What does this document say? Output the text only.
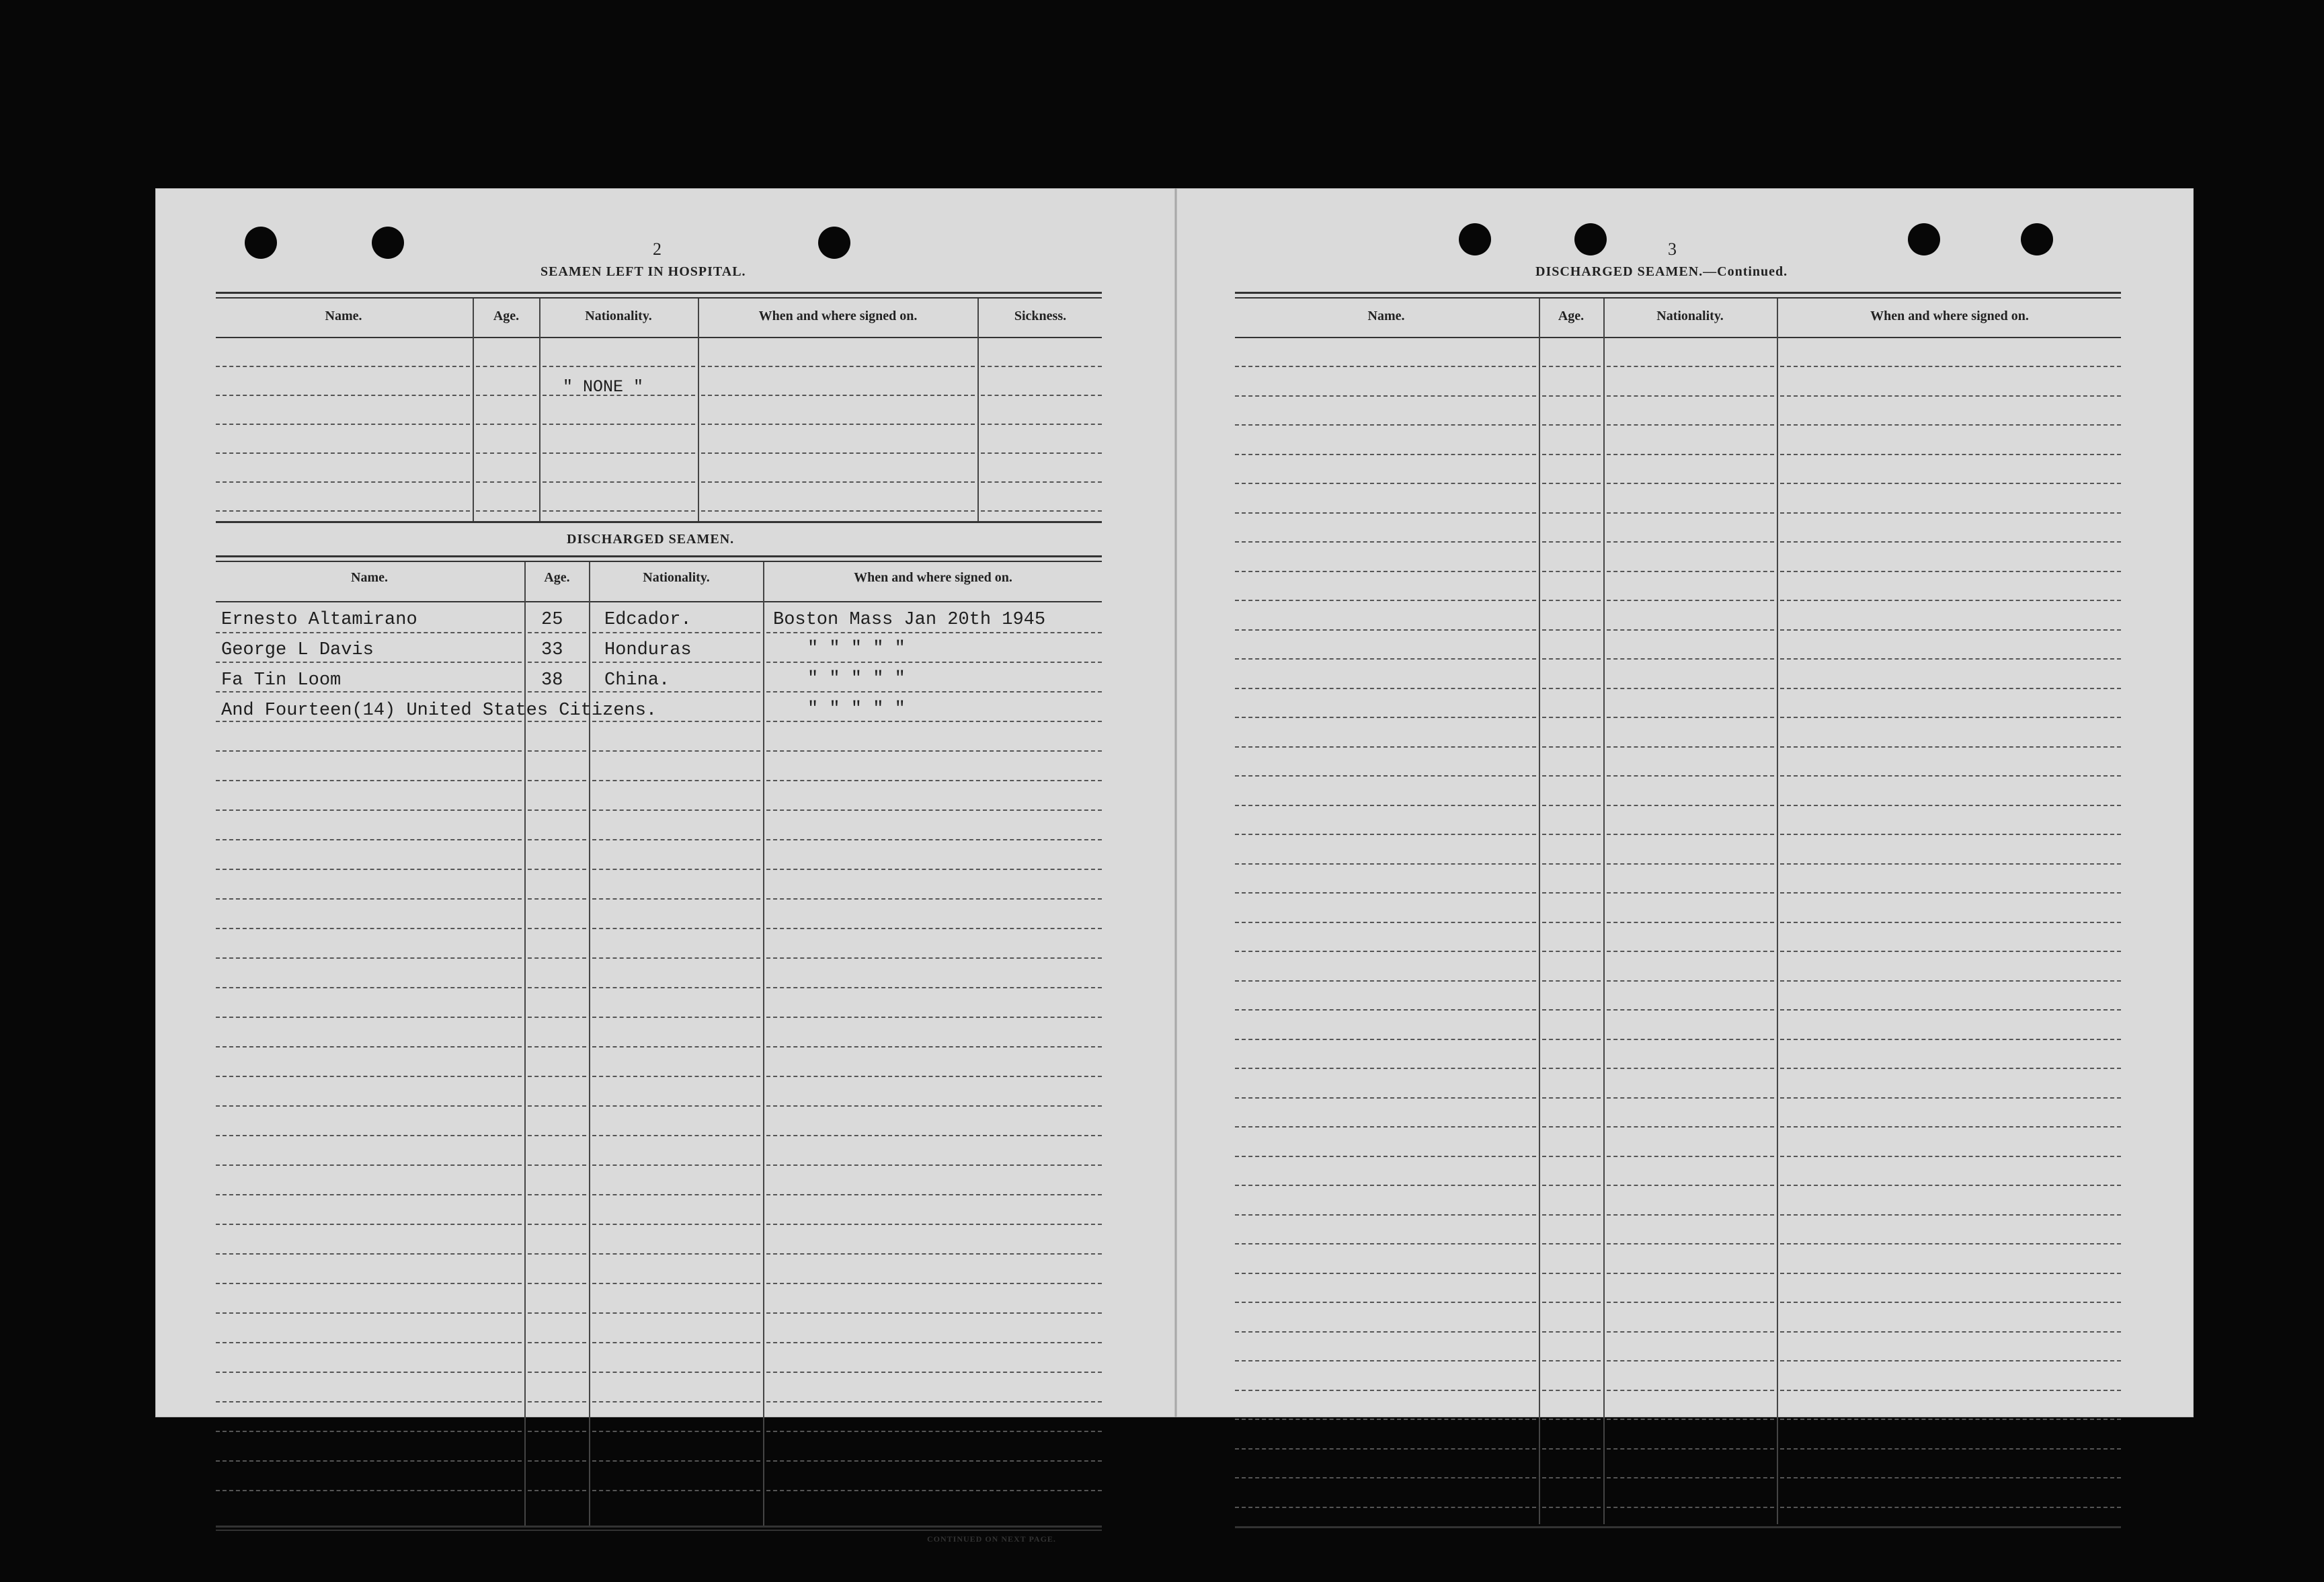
2
SEAMEN LEFT IN HOSPITAL.
Name.	Age.	Nationality.	When and where signed on.	Sickness.
" NONE "
DISCHARGED SEAMEN.
Name.	Age.	Nationality.	When and where signed on.
Ernesto Altamirano	25 Edcador.	Boston Mass Jan 20th 1945
George L Davis	33 Honduras	" " " " "
Fa Tin Loom	38 China.	" " " " "
And Fourteen(14) United States Citizens.	" " " " "
CONTINUED ON NEXT PAGE.
3
DISCHARGED SEAMEN.—Continued.
Name.	Age.	Nationality.	When and where signed on.
